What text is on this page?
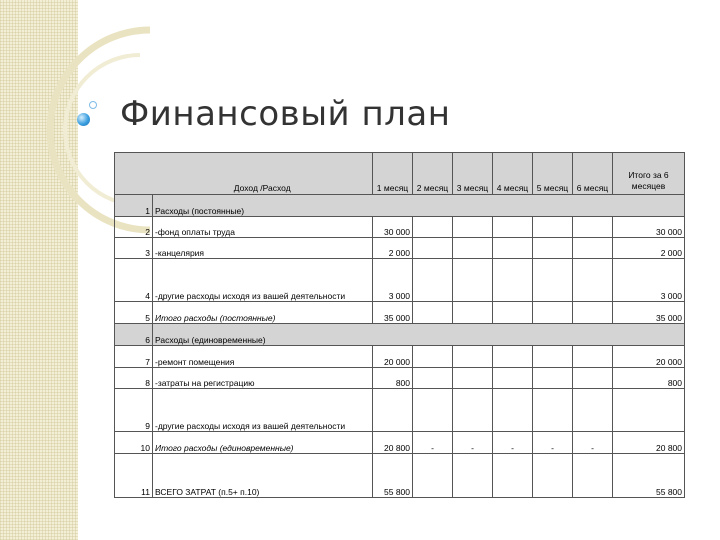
Финансовый план
	Доход /Расход	1 месяц	2 месяц	3 месяц	4 месяц	5 месяц	6 месяц	Итого за 6
месяцев

1	Расходы (постоянные)							
2	-фонд оплаты труда	30 000						30 000
3	-канцелярия	2 000						2 000
4	-другие расходы исходя из вашей деятельности	3 000						3 000
5	Итого расходы (постоянные)	35 000						35 000
6	Расходы (единовременные)							
7	-ремонт помещения	20 000						20 000
8	-затраты на регистрацию	800						800
9	-другие расходы исходя из вашей деятельности							
10	Итого расходы (единовременные)	20 800	-	-	-	-	-	20 800
11	ВСЕГО ЗАТРАТ (п.5+ п.10)	55 800						55 800
